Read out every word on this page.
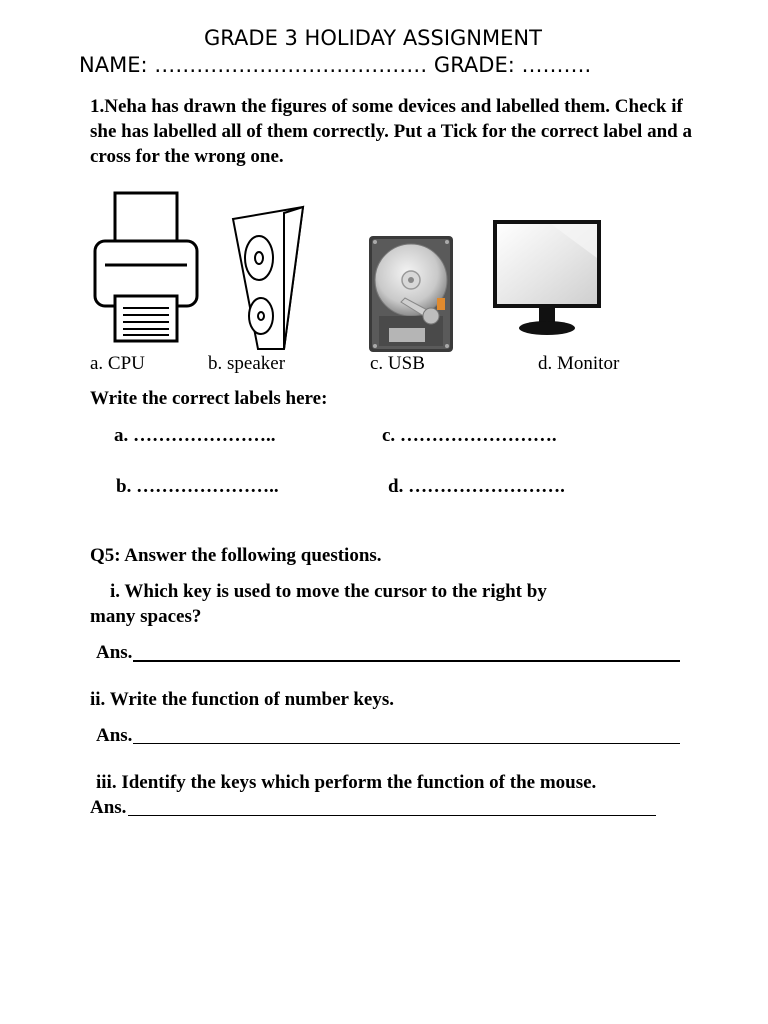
GRADE 3 HOLIDAY ASSIGNMENT
NAME: ………………………………… GRADE: ……….
1.Neha has drawn the figures of some devices and labelled them. Check if she has labelled all of them correctly. Put a Tick for the correct label and a cross for the wrong one.
a. CPU	b. speaker	c. USB	d. Monitor
Write the correct labels here:
a. …………………..	c. …………………….
b. …………………..	d. …………………….
Q5: Answer the following questions.
i. Which key is used to move the cursor to the right by
many spaces?
Ans.
ii. Write the function of number keys.
Ans.
iii. Identify the keys which perform the function of the mouse.
Ans.
